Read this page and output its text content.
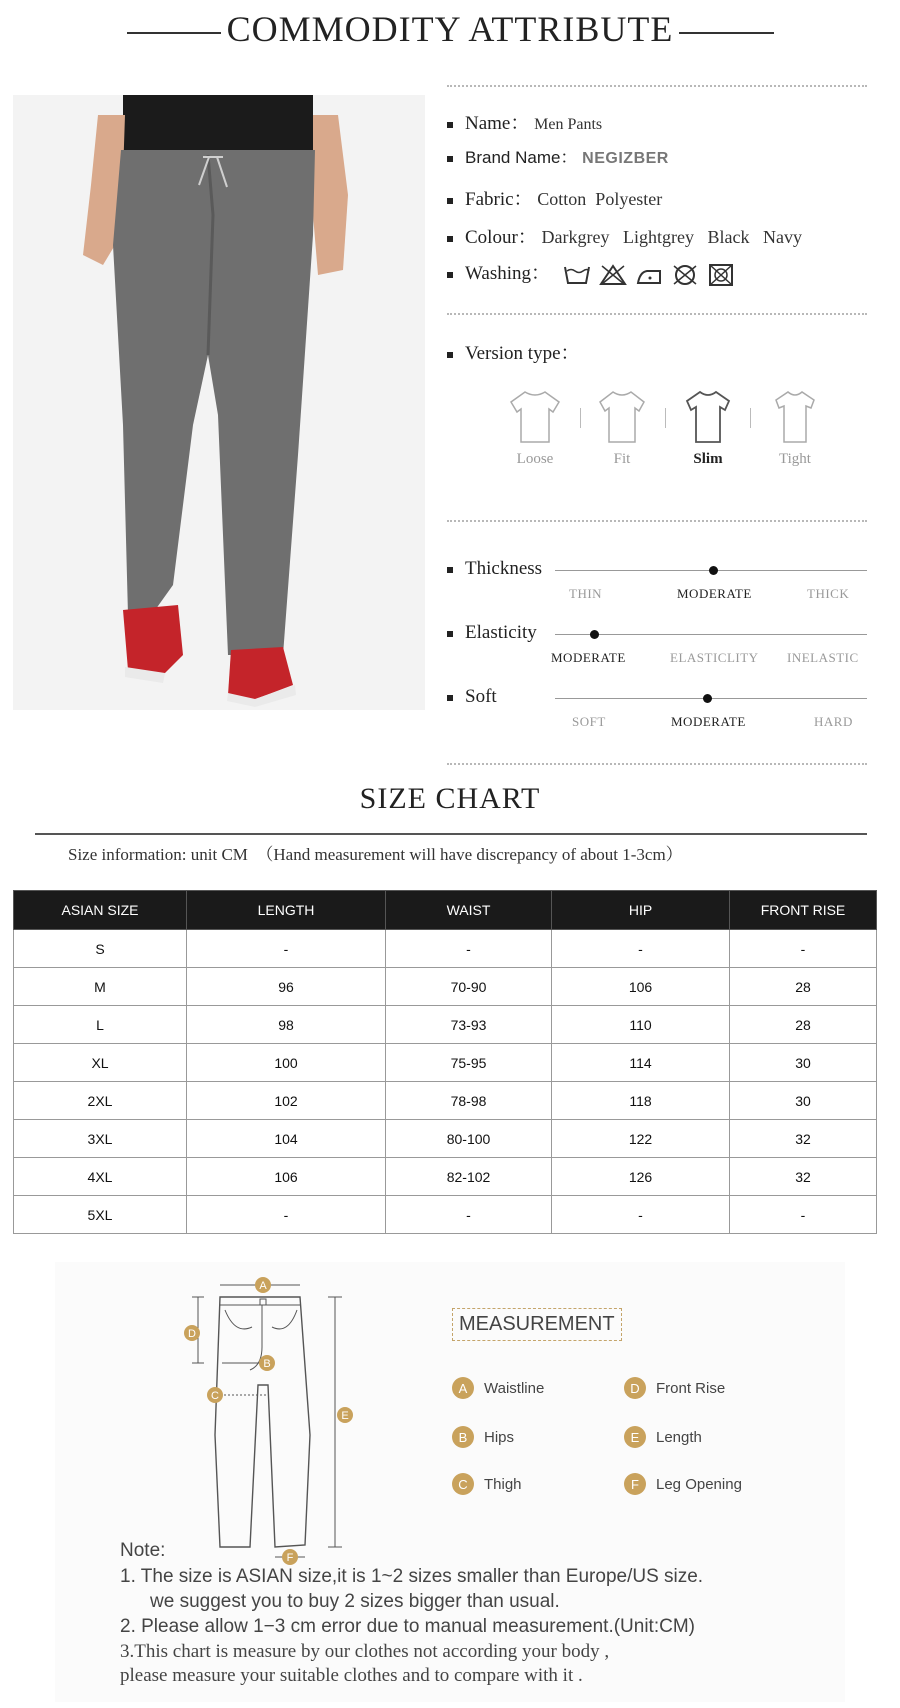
COMMODITY ATTRIBUTE
Name： Men Pants
Brand Name： NEGIZBER
Fabric： Cotton  Polyester
Colour： Darkgrey   Lightgrey   Black   Navy
Washing：
Version type：
Loose	Fit	Slim	Tight
Thickness
THIN	MODERATE	THICK
Elasticity
MODERATE	ELASTICLITY INELASTIC
Soft
SOFT	MODERATE	HARD
SIZE CHART
Size information: unit CM  （Hand measurement will have discrepancy of about 1-3cm）
ASIAN SIZE	LENGTH	WAIST	HIP	FRONT RISE
S	-	-	-	-
M	96	70-90	106	28
L	98	73-93	110	28
XL	100	75-95	114	30
2XL	102	78-98	118	30
3XL	104	80-100	122	32
4XL	106	82-102	126	32
5XL	-	-	-	-
A
B
C
D
E
F
MEASUREMENT
A	Waistline	D	Front Rise
B	Hips	E	Length
C	Thigh	F	Leg Opening
Note:
1. The size is ASIAN size,it is 1~2 sizes smaller than Europe/US size.
we suggest you to buy 2 sizes bigger than usual.
2. Please allow 1−3 cm error due to manual measurement.(Unit:CM)
3.This chart is measure by our clothes not according your body ,
please measure your suitable clothes and to compare with it .
